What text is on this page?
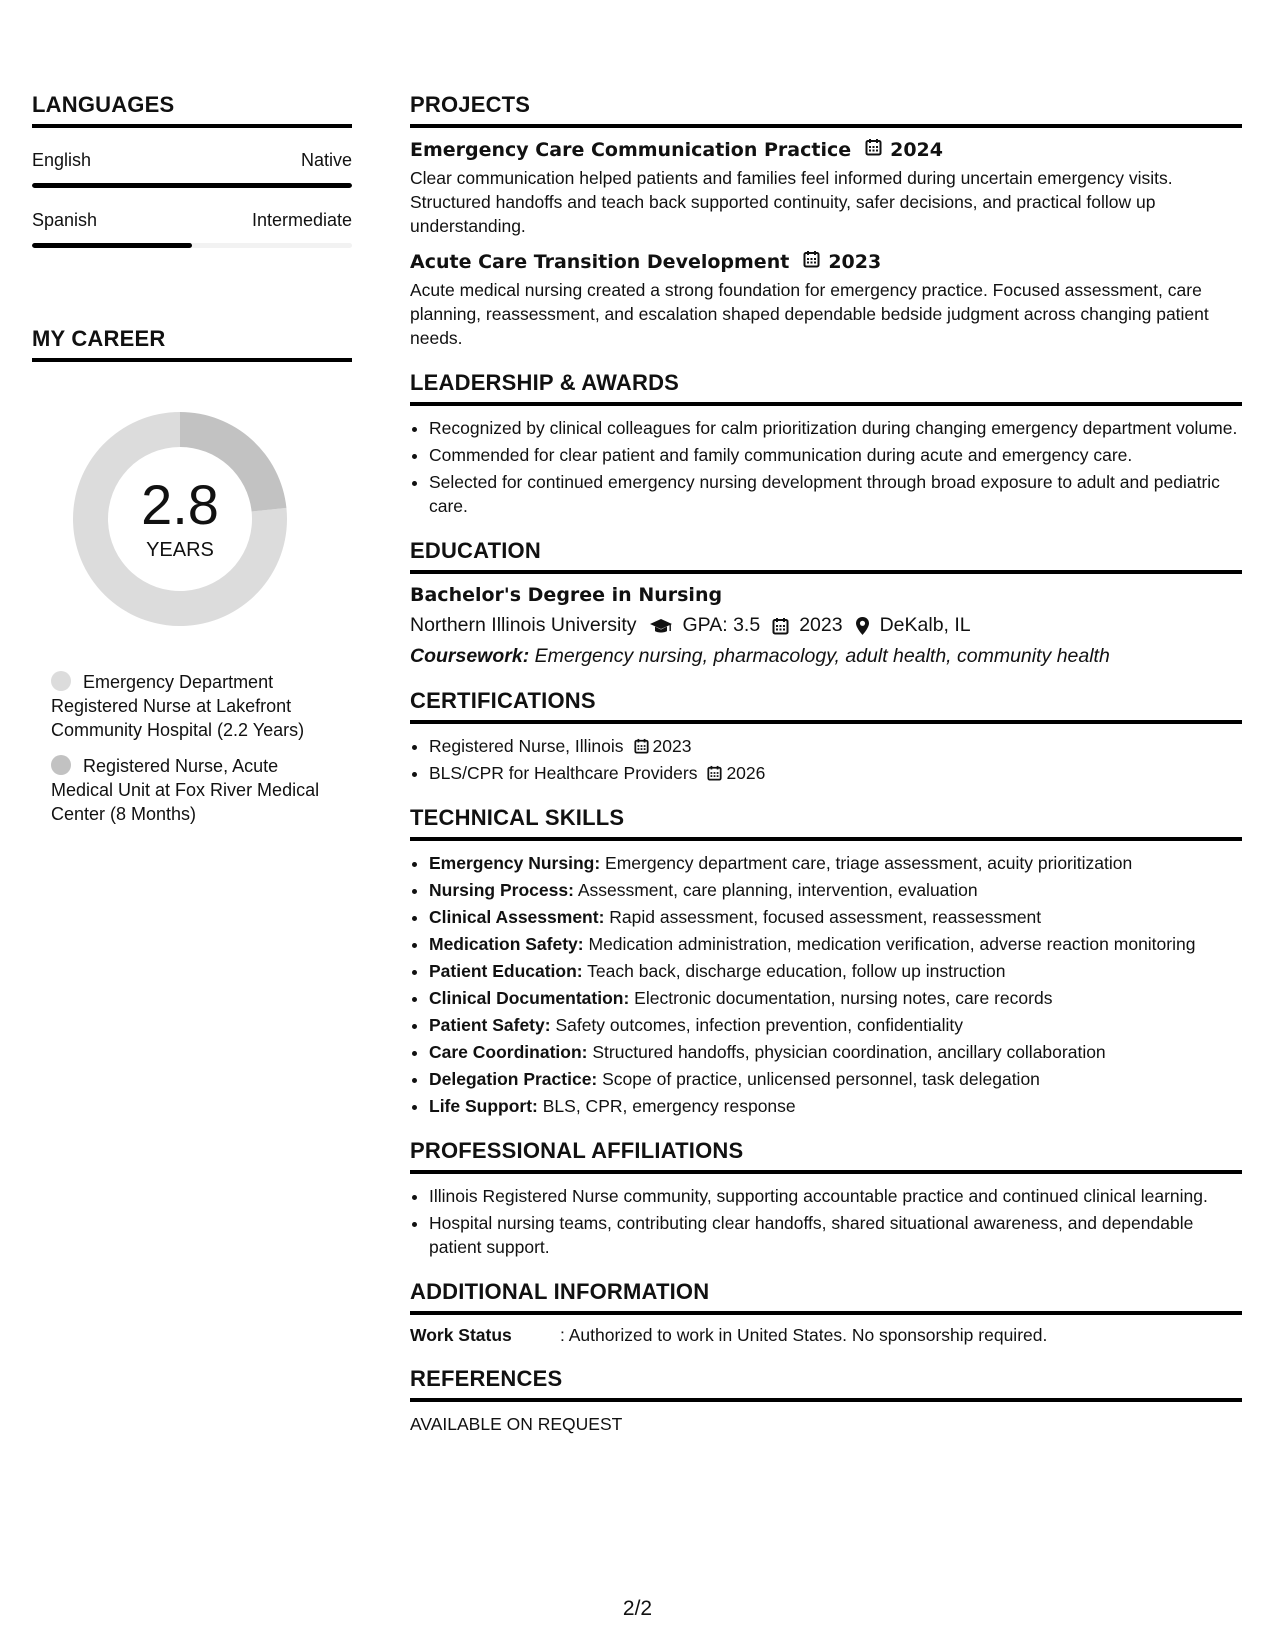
LANGUAGES
English	Native
Spanish	Intermediate
MY CAREER
2.8
YEARS
Emergency Department Registered Nurse at Lakefront Community Hospital (2.2 Years)
Registered Nurse, Acute Medical Unit at Fox River Medical Center (8 Months)
PROJECTS
Emergency Care Communication Practice 2024
Clear communication helped patients and families feel informed during uncertain emergency visits. Structured handoffs and teach back supported continuity, safer decisions, and practical follow up understanding.
Acute Care Transition Development 2023
Acute medical nursing created a strong foundation for emergency practice. Focused assessment, care planning, reassessment, and escalation shaped dependable bedside judgment across changing patient needs.
LEADERSHIP & AWARDS
• Recognized by clinical colleagues for calm prioritization during changing emergency department volume.
• Commended for clear patient and family communication during acute and emergency care.
• Selected for continued emergency nursing development through broad exposure to adult and pediatric care.
EDUCATION
Bachelor's Degree in Nursing
Northern Illinois University GPA: 3.5 2023 DeKalb, IL
Coursework: Emergency nursing, pharmacology, adult health, community health
CERTIFICATIONS
• Registered Nurse, Illinois 2023
• BLS/CPR for Healthcare Providers 2026
TECHNICAL SKILLS
• Emergency Nursing: Emergency department care, triage assessment, acuity prioritization
• Nursing Process: Assessment, care planning, intervention, evaluation
• Clinical Assessment: Rapid assessment, focused assessment, reassessment
• Medication Safety: Medication administration, medication verification, adverse reaction monitoring
• Patient Education: Teach back, discharge education, follow up instruction
• Clinical Documentation: Electronic documentation, nursing notes, care records
• Patient Safety: Safety outcomes, infection prevention, confidentiality
• Care Coordination: Structured handoffs, physician coordination, ancillary collaboration
• Delegation Practice: Scope of practice, unlicensed personnel, task delegation
• Life Support: BLS, CPR, emergency response
PROFESSIONAL AFFILIATIONS
• Illinois Registered Nurse community, supporting accountable practice and continued clinical learning.
• Hospital nursing teams, contributing clear handoffs, shared situational awareness, and dependable patient support.
ADDITIONAL INFORMATION
Work Status	: Authorized to work in United States. No sponsorship required.
REFERENCES
AVAILABLE ON REQUEST
2/2
